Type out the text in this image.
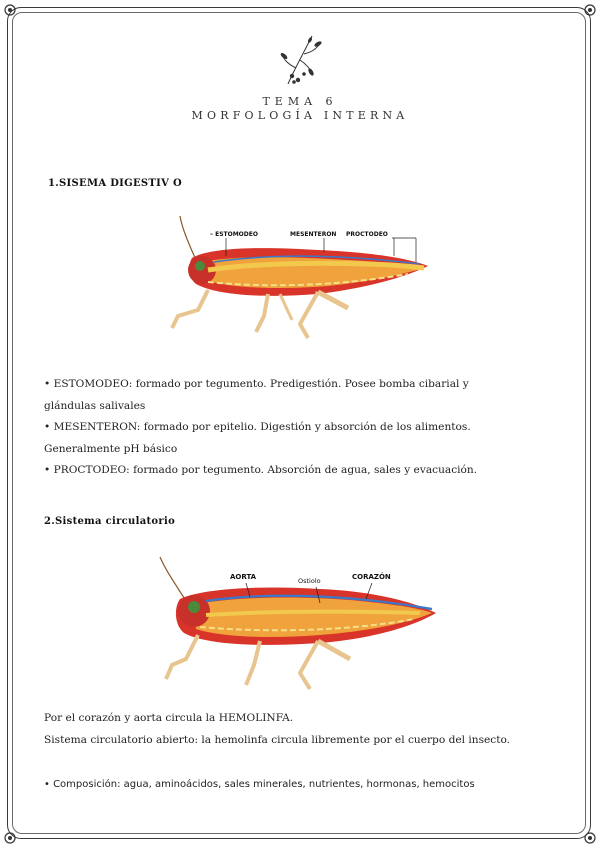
TEMA 6
MORFOLOGÍA INTERNA
1.SISEMA DIGESTIV O
– ESTOMODEO	MESENTERON PROCTODEO
• ESTOMODEO: formado por tegumento. Predigestión. Posee bomba cibarial y
glándulas salivales
• MESENTERON: formado por epitelio. Digestión y absorción de los alimentos.
Generalmente pH básico
• PROCTODEO: formado por tegumento. Absorción de agua, sales y evacuación.
2.Sistema circulatorio
AORTA	Ostiolo	CORAZÓN
Por el corazón y aorta circula la HEMOLINFA.
Sistema circulatorio abierto: la hemolinfa circula libremente por el cuerpo del insecto.
• Composición: agua, aminoácidos, sales minerales, nutrientes, hormonas, hemocitos
